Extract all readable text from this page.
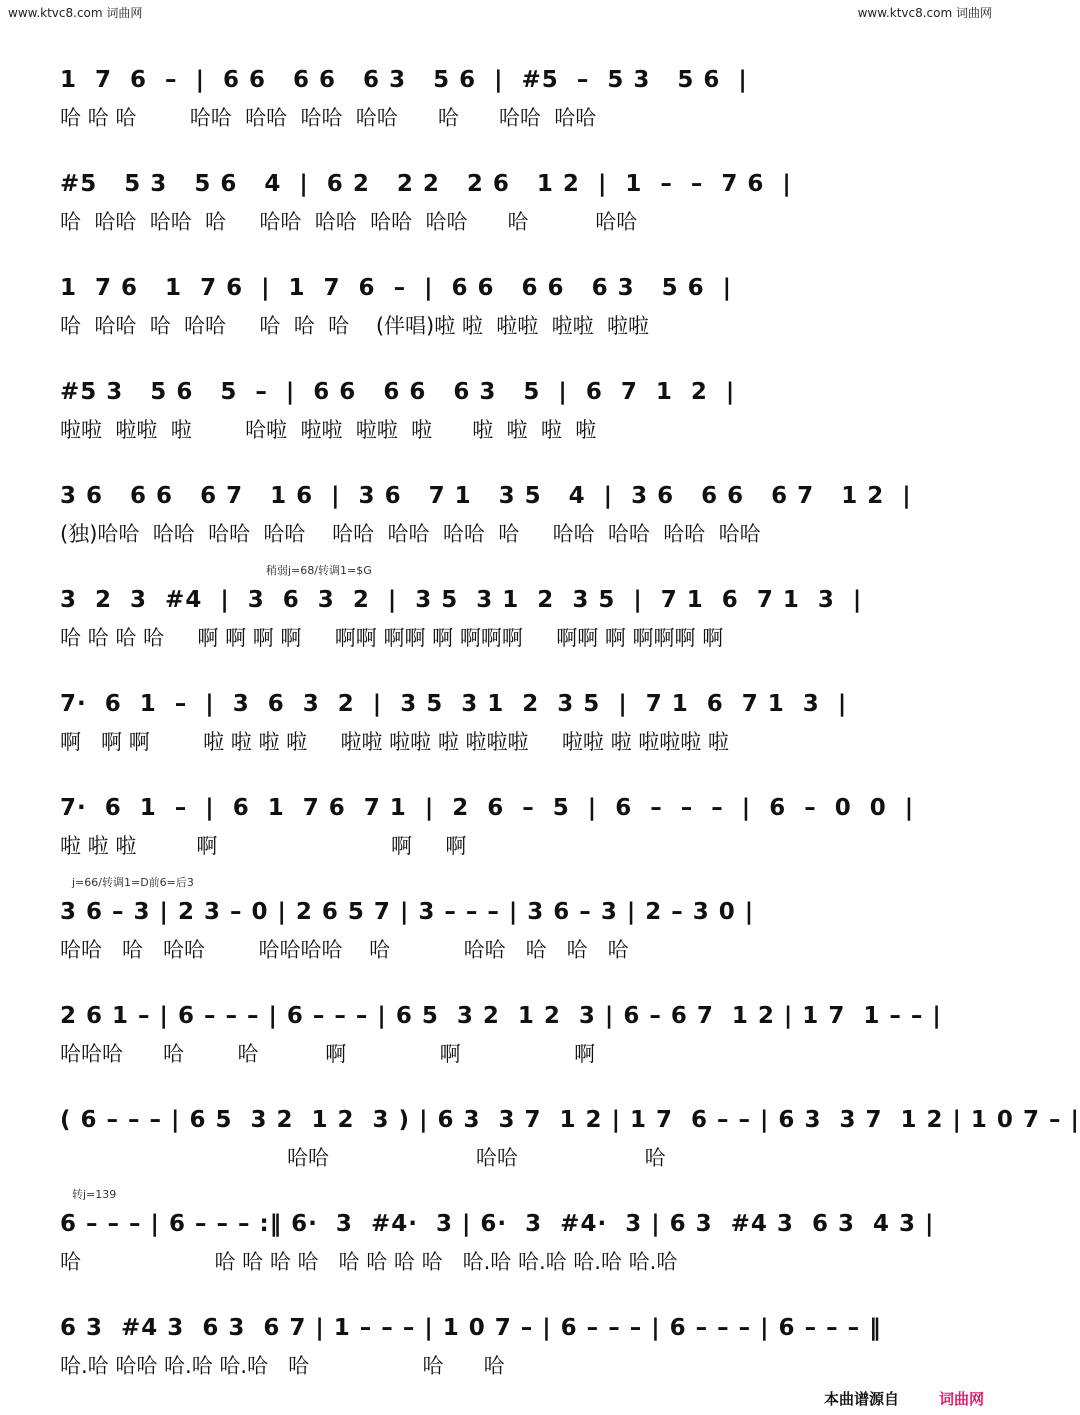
www.ktvc8.com 词曲网	www.ktvc8.com 词曲网
1  7  6  –  |  6 6   6 6   6 3   5 6  |  #5  –  5 3   5 6  |
哈 哈 哈        哈哈  哈哈  哈哈  哈哈      哈      哈哈  哈哈
#5   5 3   5 6   4  |  6 2   2 2   2 6   1 2  |  1  –  –  7 6  |
哈  哈哈  哈哈  哈     哈哈  哈哈  哈哈  哈哈      哈          哈哈
1  7 6   1  7 6  |  1  7  6  –  |  6 6   6 6   6 3   5 6  |
哈  哈哈  哈  哈哈     哈  哈  哈    (伴唱)啦 啦  啦啦  啦啦  啦啦
#5 3   5 6   5  –  |  6 6   6 6   6 3   5  |  6  7  1  2  |
啦啦  啦啦  啦        哈啦  啦啦  啦啦  啦      啦  啦  啦  啦
3 6   6 6   6 7   1 6  |  3 6   7 1   3 5   4  |  3 6   6 6   6 7   1 2  |
(独)哈哈  哈哈  哈哈  哈哈    哈哈  哈哈  哈哈  哈     哈哈  哈哈  哈哈  哈哈
稍弱j=68/转调1=$G
3  2  3  #4  |  3  6  3  2  |  3 5  3 1  2  3 5  |  7 1  6  7 1  3  |
哈 哈 哈 哈     啊 啊 啊 啊     啊啊 啊啊 啊 啊啊啊     啊啊 啊 啊啊啊 啊
7·  6  1  –  |  3  6  3  2  |  3 5  3 1  2  3 5  |  7 1  6  7 1  3  |
啊   啊 啊        啦 啦 啦 啦     啦啦 啦啦 啦 啦啦啦     啦啦 啦 啦啦啦 啦
7·  6  1  –  |  6  1  7 6  7 1  |  2  6  –  5  |  6  –  –  –  |  6  –  0  0  |
啦 啦 啦         啊                          啊     啊
j=66/转调1=D前6=后3
3 6 – 3 | 2 3 – 0 | 2 6 5 7 | 3 – – – | 3 6 – 3 | 2 – 3 0 |
哈哈   哈   哈哈        哈哈哈哈    哈           哈哈   哈   哈   哈
2 6 1 – | 6 – – – | 6 – – – | 6 5  3 2  1 2  3 | 6 – 6 7  1 2 | 1 7  1 – – |
哈哈哈      哈        哈          啊              啊                 啊
( 6 – – – | 6 5  3 2  1 2  3 ) | 6 3  3 7  1 2 | 1 7  6 – – | 6 3  3 7  1 2 | 1 0 7 – |
哈哈                      哈哈                   哈
转j=139
6 – – – | 6 – – – :‖ 6·  3  #4·  3 | 6·  3  #4·  3 | 6 3  #4 3  6 3  4 3 |
哈                    哈 哈 哈 哈   哈 哈 哈 哈   哈.哈 哈.哈 哈.哈 哈.哈
6 3  #4 3  6 3  6 7 | 1 – – – | 1 0 7 – | 6 – – – | 6 – – – | 6 – – – ‖
哈.哈 哈哈 哈.哈 哈.哈   哈                 哈      哈
本曲谱源自	词曲网
